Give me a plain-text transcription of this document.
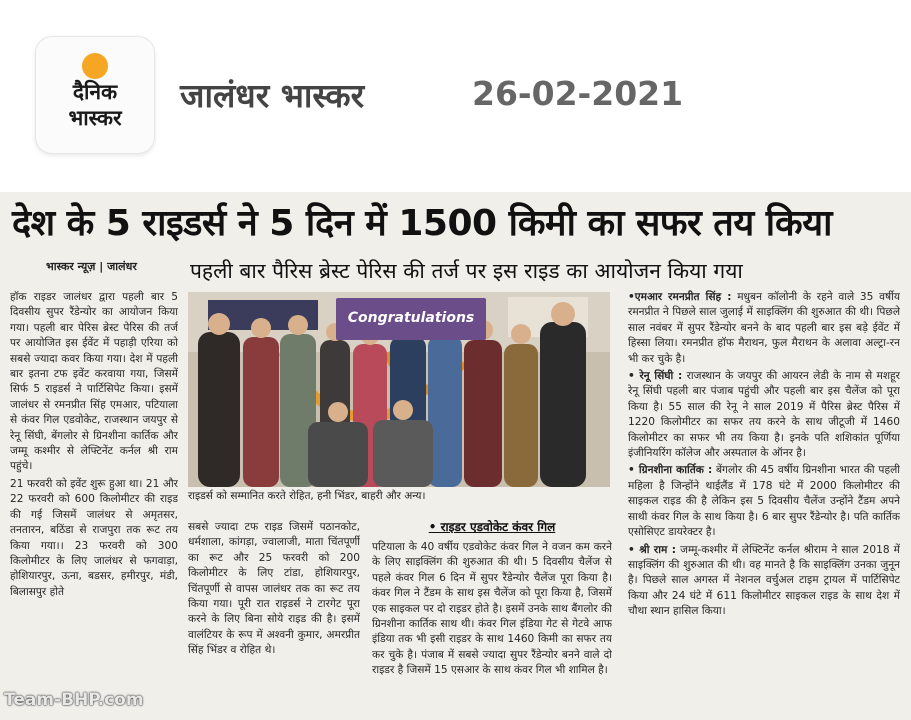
दैनिक
भास्कर
जालंधर भास्कर	26-02-2021
देश के 5 राइडर्स ने 5 दिन में 1500 किमी का सफर तय किया
भास्कर न्यूज़ | जालंधर	पहली बार पैरिस ब्रेस्ट पेरिस की तर्ज पर इस राइड का आयोजन किया गया

हॉक राइडर जालंधर द्वारा पहली बार 5 दिवसीय सुपर रैंडेन्योर का आयोजन किया गया। पहली बार पेरिस ब्रेस्ट पेरिस की तर्ज पर आयोजित इस ईवेंट में पहाड़ी एरिया को सबसे ज्यादा कवर किया गया। देश में पहली बार इतना टफ इवेंट करवाया गया, जिसमें सिर्फ 5 राइडर्स ने पार्टिसिपेट किया। इसमें जालंधर से रमनप्रीत सिंह एमआर, पटियाला से कंवर गिल एडवोकेट, राजस्थान जयपुर से रेनू सिंघी, बेंगलोर से ग्रिनशीना कार्तिक और जम्मू कश्मीर से लेफ्टिनेंट कर्नल श्री राम पहुंचे।

21 फरवरी को इवेंट शुरू हुआ था। 21 और 22 फरवरी को 600 किलोमीटर की राइड की गई जिसमें जालंधर से अमृतसर, तनतारन, बठिंडा से राजपुरा तक रूट तय किया गया।। 23 फरवरी को 300 किलोमीटर के लिए जालंधर से फगवाड़ा, होशियारपुर, ऊना, बडसर, हमीरपुर, मंडी, बिलासपुर होते

Congratulations
राइडर्स को सम्मानित करते रोहित, हनी भिंडर, बाहरी और अन्य।
सबसे ज्यादा टफ राइड जिसमें पठानकोट, धर्मशाला, कांगड़ा, ज्वालाजी, माता चिंतपूर्णी का रूट और 25 फरवरी को 200 किलोमीटर के लिए टांडा, होशियारपुर, चिंतपूर्णी से वापस जालंधर तक का रूट तय किया गया। पूरी रात राइडर्स ने टारगेट पूरा करने के लिए बिना सोये राइड की है। इसमें वालंटियर के रूप में अश्वनी कुमार, अमरप्रीत सिंह भिंडर व रोहित थे।
• राइडर एडवोकेट कंवर गिल
पटियाला के 40 वर्षीय एडवोकेट कंवर गिल ने वजन कम करने के लिए साइक्लिंग की शुरुआत की थी। 5 दिवसीय चैलेंज से पहले कंवर गिल 6 दिन में सुपर रैंडेन्योर चैलेंज पूरा किया है। कंवर गिल ने टैंडम के साथ इस चैलेंज को पूरा किया है, जिसमें एक साइकल पर दो राइडर होते है। इसमें उनके साथ बैंगलोर की ग्रिनशीना कार्तिक साथ थी। कंवर गिल इंडिया गेट से गेटवे आफ इंडिया तक भी इसी राइडर के साथ 1460 किमी का सफर तय कर चुके है। पंजाब में सबसे ज्यादा सुपर रैंडेन्योर बनने वाले दो राइडर है जिसमें 15 एसआर के साथ कंवर गिल भी शामिल है।

•एमआर रमनप्रीत सिंह : मधुबन कॉलोनी के रहने वाले 35 वर्षीय रमनप्रीत ने पिछले साल जुलाई में साइक्लिंग की शुरुआत की थी। पिछले साल नवंबर में सुपर रैंडेन्योर बनने के बाद पहली बार इस बड़े ईवेंट में हिस्सा लिया। रमनप्रीत हॉफ मैराथन, फुल मैराथन के अलावा अल्ट्रा-रन भी कर चुके है।

• रेनू सिंघी : राजस्थान के जयपुर की आयरन लेडी के नाम से मशहूर रेनू सिंघी पहली बार पंजाब पहुंची और पहली बार इस चैलेंज को पूरा किया है। 55 साल की रेनू ने साल 2019 में पैरिस ब्रेस्ट पैरिस में 1220 किलोमीटर का सफर तय करने के साथ जीटूजी में 1460 किलोमीटर का सफर भी तय किया है। इनके पति शशिकांत पूर्णिया इंजीनियरिंग कॉलेज और अस्पताल के ऑनर है।

• ग्रिनशीना कार्तिक : बेंगलोर की 45 वर्षीय ग्रिनशीना भारत की पहली महिला है जिन्होंने थाईलैंड में 178 घंटे में 2000 किलोमीटर की साइकल राइड की है लेकिन इस 5 दिवसीय चैलेंज उन्होंने टैंडम अपने साथी कंवर गिल के साथ किया है। 6 बार सुपर रैंडेन्योर है। पति कार्तिक एसोसिएट डायरेक्टर है।

• श्री राम : जम्मू-कश्मीर में लेफ्टिनेंट कर्नल श्रीराम ने साल 2018 में साइक्लिंग की शुरुआत की थी। वह मानते है कि साइक्लिंग उनका जुनून है। पिछले साल अगस्त में नेशनल वर्चुअल टाइम ट्रायल में पार्टिसिपेट किया और 24 घंटे में 611 किलोमीटर साइकल राइड के साथ देश में चौथा स्थान हासिल किया।

Team-BHP.com
